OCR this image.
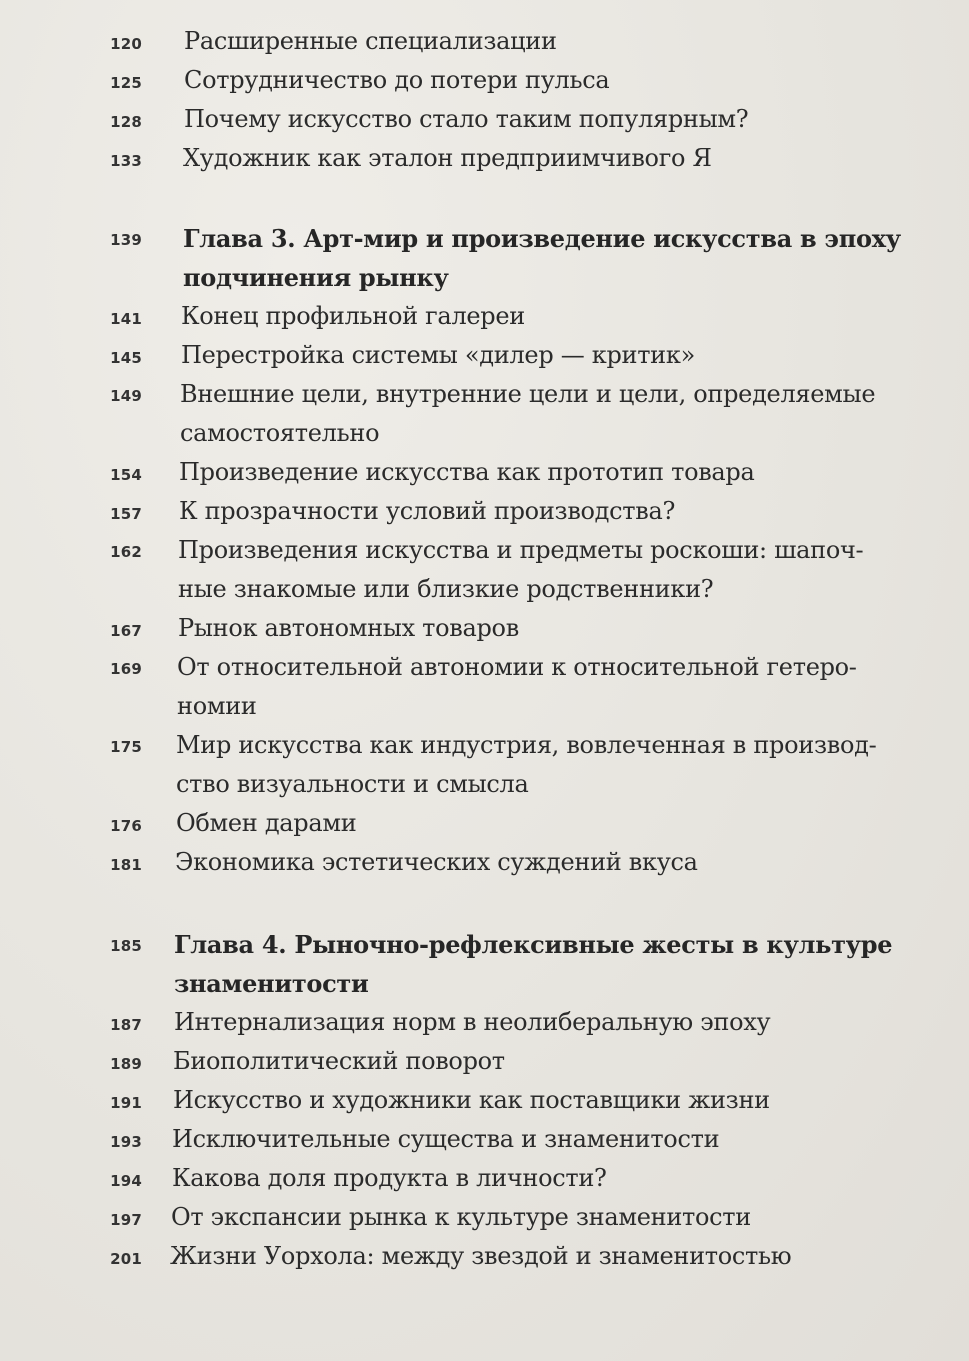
120 Расширенные специализации
125 Сотрудничество до потери пульса
128 Почему искусство стало таким популярным?
133 Художник как эталон предприимчивого Я
139 Глава 3. Арт-мир и произведение искусства в эпоху
подчинения рынку
141 Конец профильной галереи
145 Перестройка системы «дилер — критик»
149 Внешние цели, внутренние цели и цели, определяемые
самостоятельно
154 Произведение искусства как прототип товара
157 К прозрачности условий производства?
162 Произведения искусства и предметы роскоши: шапоч-
ные знакомые или близкие родственники?
167 Рынок автономных товаров
169 От относительной автономии к относительной гетеро-
номии
175 Мир искусства как индустрия, вовлеченная в производ-
ство визуальности и смысла
176 Обмен дарами
181 Экономика эстетических суждений вкуса
185 Глава 4. Рыночно-рефлексивные жесты в культуре
знаменитости
187 Интернализация норм в неолиберальную эпоху
189 Биополитический поворот
191 Искусство и художники как поставщики жизни
193 Исключительные существа и знаменитости
194 Какова доля продукта в личности?
197 От экспансии рынка к культуре знаменитости
201 Жизни Уорхола: между звездой и знаменитостью
